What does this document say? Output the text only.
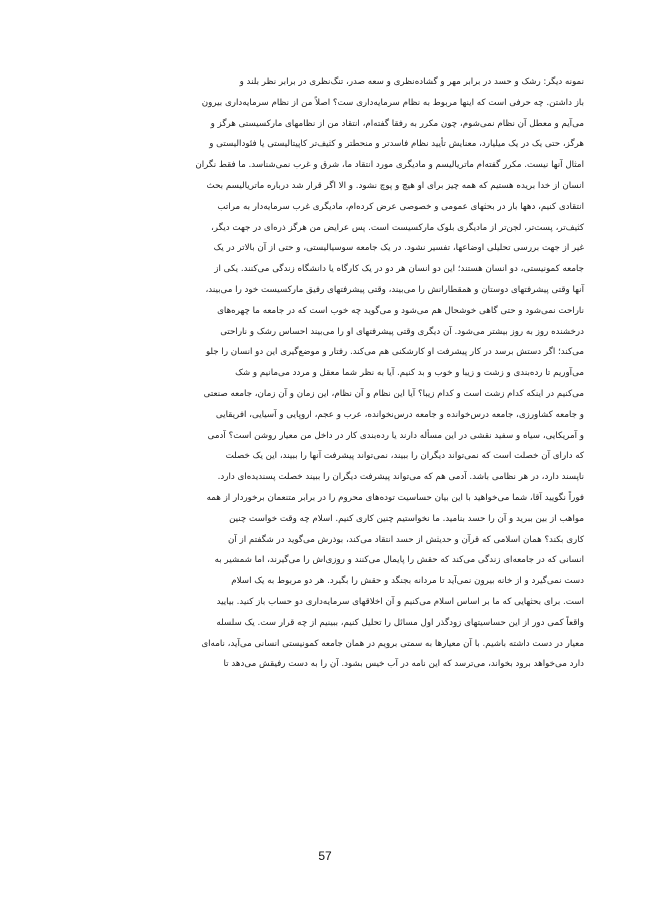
نمونه دیگر: رشک و حسد در برابر مهر و گشاده‌نظری و سعه صدر، تنگ‌نظری در برابر نظر بلند و
باز داشتن. چه حرفی است که اینها مربوط به نظام سرمایه‌داری ست؟ اصلاً من از نظام سرمایه‌داری بیرون
می‌آیم و معطل آن نظام نمی‌شوم، چون مکرر به رفقا گفته‌ام، انتقاد من از نظامهای مارکسیستی هرگز و
هرگز، حتی یک در یک میلیارد، معنایش تأیید نظام فاسدتر و منحطتر و کثیف‌تر کاپیتالیستی یا فئودالیستی و
امثال آنها نیست. مکرر گفته‌ام ماتریالیسم و مادیگری مورد انتقاد ما، شرق و غرب نمی‌شناسد. ما فقط نگران
انسان از خدا بریده هستیم که همه چیز برای او هیچ و پوچ نشود. و الا اگر قرار شد درباره ماتریالیسم بحث
انتقادی کنیم، دهها بار در بحثهای عمومی و خصوصی عرض کرده‌ام، مادیگری غرب سرمایه‌دار به مراتب
کثیف‌تر، پست‌تر، لجن‌تر از مادیگری بلوک مارکسیست است. پس عرایض من هرگز ذره‌ای در جهت دیگر،
غیر از جهت بررسی تحلیلی اوضاعها، تفسیر نشود. در یک جامعه سوسیالیستی، و حتی از آن بالاتر در یک
جامعه کمونیستی، دو انسان هستند؛ این دو انسان هر دو در یک کارگاه یا دانشگاه زندگی می‌کنند. یکی از
آنها وقتی پیشرفتهای دوستان و همقطارانش را می‌بیند، وقتی پیشرفتهای رفیق مارکسیست خود را می‌بیند،
ناراحت نمی‌شود و حتی گاهی خوشحال هم می‌شود و می‌گوید چه خوب است که در جامعه ما چهره‌های
درخشنده روز به روز بیشتر می‌شود. آن دیگری وقتی پیشرفتهای او را می‌بیند احساس رشک و ناراحتی
می‌کند؛ اگر دستش برسد در کار پیشرفت او کارشکنی هم می‌کند. رفتار و موضع‌گیری این دو انسان را جلو
می‌آوریم تا رده‌بندی و زشت و زیبا و خوب و بد کنیم. آیا به نظر شما معقل و مردد می‌مانیم و شک
می‌کنیم در اینکه کدام زشت است و کدام زیبا؟ آیا این نظام و آن نظام، این زمان و آن زمان، جامعه صنعتی
و جامعه کشاورزی، جامعه درس‌خوانده و جامعه درس‌نخوانده، عرب و عجم، اروپایی و آسیایی، افریقایی
و آمریکایی، سیاه و سفید نقشی در این مسأله دارند یا رده‌بندی کار در داخل من معیار روشن است؟ آدمی
که دارای آن خصلت است که نمی‌تواند دیگران را ببیند، نمی‌تواند پیشرفت آنها را ببیند، این یک خصلت
ناپسند دارد، در هر نظامی باشد. آدمی هم که می‌تواند پیشرفت دیگران را ببیند خصلت پسندیده‌ای دارد.
فوراً نگویید آقا، شما می‌خواهید با این بیان حساسیت توده‌های محروم را در برابر متنعمان برخوردار از همه
مواهب از بین ببرید و آن را حسد بنامید. ما نخواستیم چنین کاری کنیم. اسلام چه وقت خواست چنین
کاری بکند؟ همان اسلامی که قرآن و حدیثش از حسد انتقاد می‌کند، بوذرش می‌گوید در شگفتم از آن
انسانی که در جامعه‌ای زندگی می‌کند که حقش را پایمال می‌کنند و روزی‌اش را می‌گیرند، اما شمشیر به
دست نمی‌گیرد و از خانه بیرون نمی‌آید تا مردانه بجنگد و حقش را بگیرد. هر دو مربوط به یک اسلام
است. برای بحثهایی که ما بر اساس اسلام می‌کنیم و آن اخلاقهای سرمایه‌داری دو حساب باز کنید. بیایید
واقعاً کمی دور از این حساسیتهای زودگذر اول مسائل را تحلیل کنیم، ببینیم از چه قرار ست. یک سلسله
معیار در دست داشته باشیم. با آن معیارها به سمتی برویم در همان جامعه کمونیستی انسانی می‌آید، نامه‌ای
دارد می‌خواهد برود بخواند، می‌ترسد که این نامه در آب خیس بشود. آن را به دست رفیقش می‌دهد تا

57
